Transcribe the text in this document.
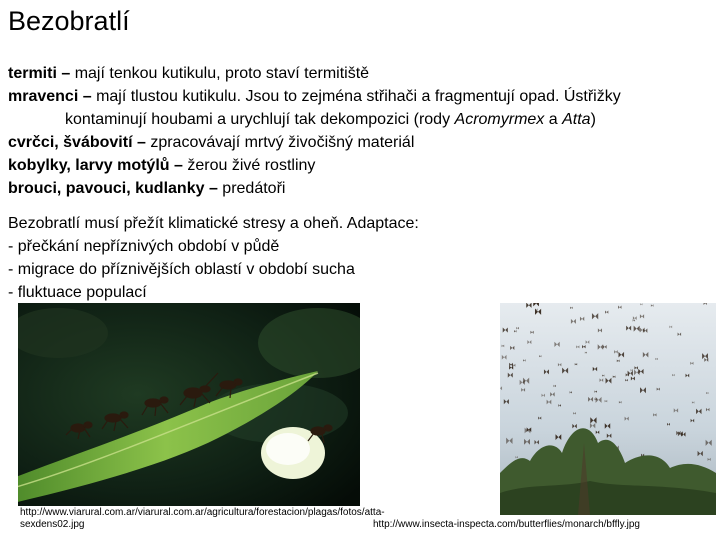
Bezobratlí
termiti – mají tenkou kutikulu, proto staví termitiště
mravenci – mají tlustou kutikulu. Jsou to zejména střihači a fragmentují opad. Ústřižky
kontaminují houbami a urychlují tak dekompozici (rody Acromyrmex a Atta)
cvrčci, švábovití – zpracovávají mrtvý živočišný materiál
kobylky, larvy motýlů – žerou živé rostliny
brouci, pavouci, kudlanky – predátoři
Bezobratlí musí přežít klimatické stresy a oheň. Adaptace:
- přečkání nepříznivých období v půdě
- migrace do příznivějších oblastí v období sucha
- fluktuace populací
http://www.viarural.com.ar/viarural.com.ar/agricultura/forestacion/plagas/fotos/atta-sexdens02.jpg	http://www.insecta-inspecta.com/butterflies/monarch/bffly.jpg
